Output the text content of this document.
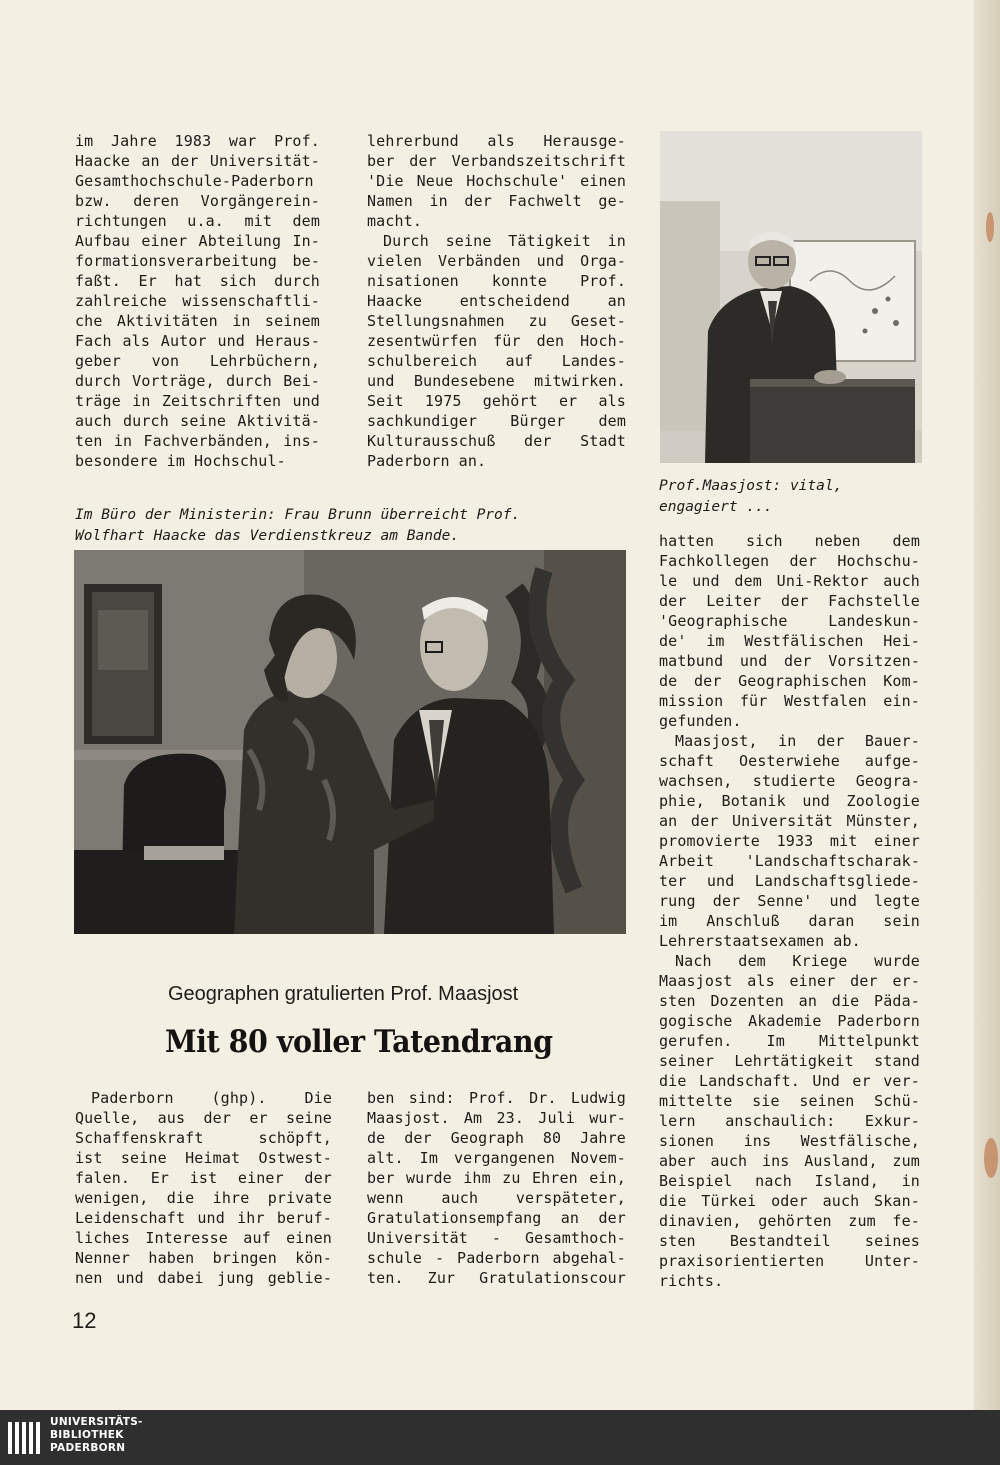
im Jahre 1983 war Prof.
Haacke an der Universität-
Gesamthochschule-Paderborn
bzw. deren Vorgängerein-
richtungen u.a. mit dem
Aufbau einer Abteilung In-
formationsverarbeitung be-
faßt. Er hat sich durch
zahlreiche wissenschaftli-
che Aktivitäten in seinem
Fach als Autor und Heraus-
geber von Lehrbüchern,
durch Vorträge, durch Bei-
träge in Zeitschriften und
auch durch seine Aktivitä-
ten in Fachverbänden, ins-
besondere im Hochschul-
lehrerbund als Herausge-
ber der Verbandszeitschrift
'Die Neue Hochschule' einen
Namen in der Fachwelt ge-
macht.
Durch seine Tätigkeit in
vielen Verbänden und Orga-
nisationen konnte Prof.
Haacke	entscheidend	an
Stellungsnahmen zu Geset-
zesentwürfen für den Hoch-
schulbereich auf Landes-
und Bundesebene mitwirken.
Seit 1975 gehört er als
sachkundiger Bürger dem
Kulturausschuß der Stadt
Paderborn an.
Prof.Maasjost: vital,
engagiert ...
Im Büro der Ministerin: Frau Brunn überreicht Prof.
Wolfhart Haacke das Verdienstkreuz am Bande.	hatten sich neben dem
Fachkollegen der Hochschu-
le und dem Uni-Rektor auch
der Leiter der Fachstelle
'Geographische	Landeskun-
de' im Westfälischen Hei-
matbund und der Vorsitzen-
de der Geographischen Kom-
mission für Westfalen ein-
gefunden.
Maasjost, in der Bauer-
schaft Oesterwiehe aufge-
wachsen, studierte Geogra-
phie, Botanik und Zoologie
an der Universität Münster,
promovierte 1933 mit einer
Arbeit 'Landschaftscharak-
ter und Landschaftsgliede-
rung der Senne' und legte
im Anschluß daran sein
Lehrerstaatsexamen ab.
Nach dem Kriege wurde
Maasjost als einer der er-
sten Dozenten an die Päda-
gogische Akademie Paderborn
gerufen. Im Mittelpunkt
seiner Lehrtätigkeit stand
die Landschaft. Und er ver-
mittelte sie seinen Schü-
lern anschaulich: Exkur-
sionen ins Westfälische,
aber auch ins Ausland, zum
Beispiel nach Island, in
die Türkei oder auch Skan-
dinavien, gehörten zum fe-
sten Bestandteil seines
praxisorientierten	Unter-
richts.
Geographen gratulierten Prof. Maasjost
Mit 80 voller Tatendrang
Paderborn	(ghp).	Die
Quelle, aus der er seine
Schaffenskraft	schöpft,
ist seine Heimat Ostwest-
falen. Er ist einer der
wenigen, die ihre private
Leidenschaft und ihr beruf-
liches Interesse auf einen
Nenner haben bringen kön-
nen und dabei jung geblie-
ben sind: Prof. Dr. Ludwig
Maasjost. Am 23. Juli wur-
de der Geograph 80 Jahre
alt. Im vergangenen Novem-
ber wurde ihm zu Ehren ein,
wenn	auch	verspäteter,
Gratulationsempfang an der
Universität - Gesamthoch-
schule - Paderborn abgehal-
ten. Zur Gratulationscour
12
UNIVERSITÄTS-
BIBLIOTHEK
PADERBORN
